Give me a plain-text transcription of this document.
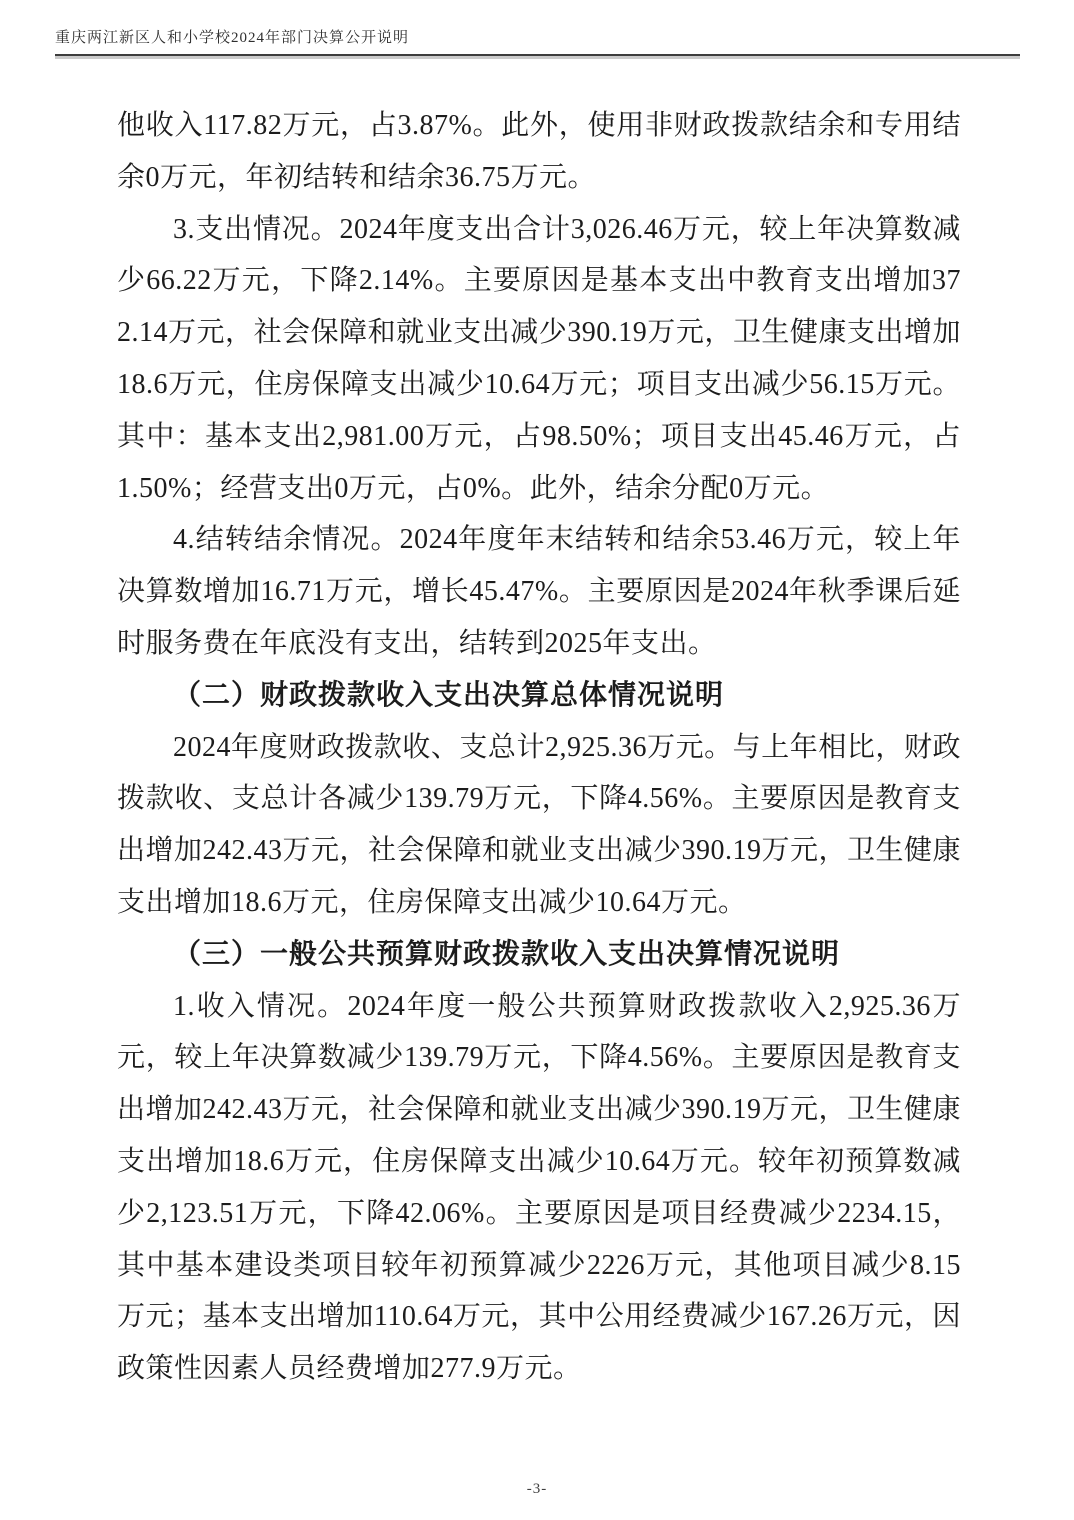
重庆两江新区人和小学校2024年部门决算公开说明

他收入117.82万元，占3.87%。此外，使用非财政拨款结余和专用结余0万元，年初结转和结余36.75万元。

3.支出情况。2024年度支出合计3,026.46万元，较上年决算数减少66.22万元，下降2.14%。主要原因是基本支出中教育支出增加372.14万元，社会保障和就业支出减少390.19万元，卫生健康支出增加18.6万元，住房保障支出减少10.64万元；项目支出减少56.15万元。其中：基本支出2,981.00万元，占98.50%；项目支出45.46万元，占1.50%；经营支出0万元，占0%。此外，结余分配0万元。

4.结转结余情况。2024年度年末结转和结余53.46万元，较上年决算数增加16.71万元，增长45.47%。主要原因是2024年秋季课后延时服务费在年底没有支出，结转到2025年支出。

（二）财政拨款收入支出决算总体情况说明

2024年度财政拨款收、支总计2,925.36万元。与上年相比，财政拨款收、支总计各减少139.79万元，下降4.56%。主要原因是教育支出增加242.43万元，社会保障和就业支出减少390.19万元，卫生健康支出增加18.6万元，住房保障支出减少10.64万元。

（三）一般公共预算财政拨款收入支出决算情况说明

1.收入情况。2024年度一般公共预算财政拨款收入2,925.36万元，较上年决算数减少139.79万元，下降4.56%。主要原因是教育支出增加242.43万元，社会保障和就业支出减少390.19万元，卫生健康支出增加18.6万元，住房保障支出减少10.64万元。较年初预算数减少2,123.51万元，下降42.06%。主要原因是项目经费减少2234.15，其中基本建设类项目较年初预算减少2226万元，其他项目减少8.15万元；基本支出增加110.64万元，其中公用经费减少167.26万元，因政策性因素人员经费增加277.9万元。

-3-
